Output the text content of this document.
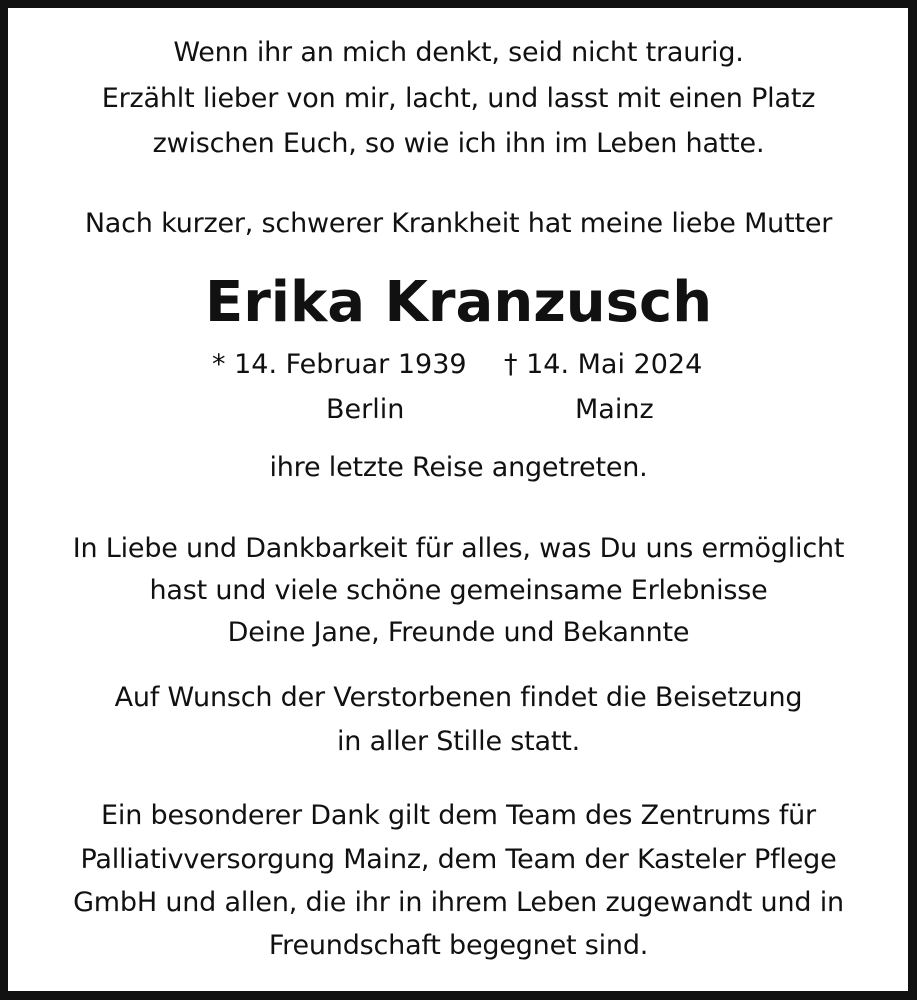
Wenn ihr an mich denkt, seid nicht traurig.
Erzählt lieber von mir, lacht, und lasst mit einen Platz
zwischen Euch, so wie ich ihn im Leben hatte.
Nach kurzer, schwerer Krankheit hat meine liebe Mutter
Erika Kranzusch
* 14. Februar 1939 † 14. Mai 2024
Berlin	Mainz
ihre letzte Reise angetreten.
In Liebe und Dankbarkeit für alles, was Du uns ermöglicht
hast und viele schöne gemeinsame Erlebnisse
Deine Jane, Freunde und Bekannte
Auf Wunsch der Verstorbenen findet die Beisetzung
in aller Stille statt.
Ein besonderer Dank gilt dem Team des Zentrums für
Palliativversorgung Mainz, dem Team der Kasteler Pflege
GmbH und allen, die ihr in ihrem Leben zugewandt und in
Freundschaft begegnet sind.
